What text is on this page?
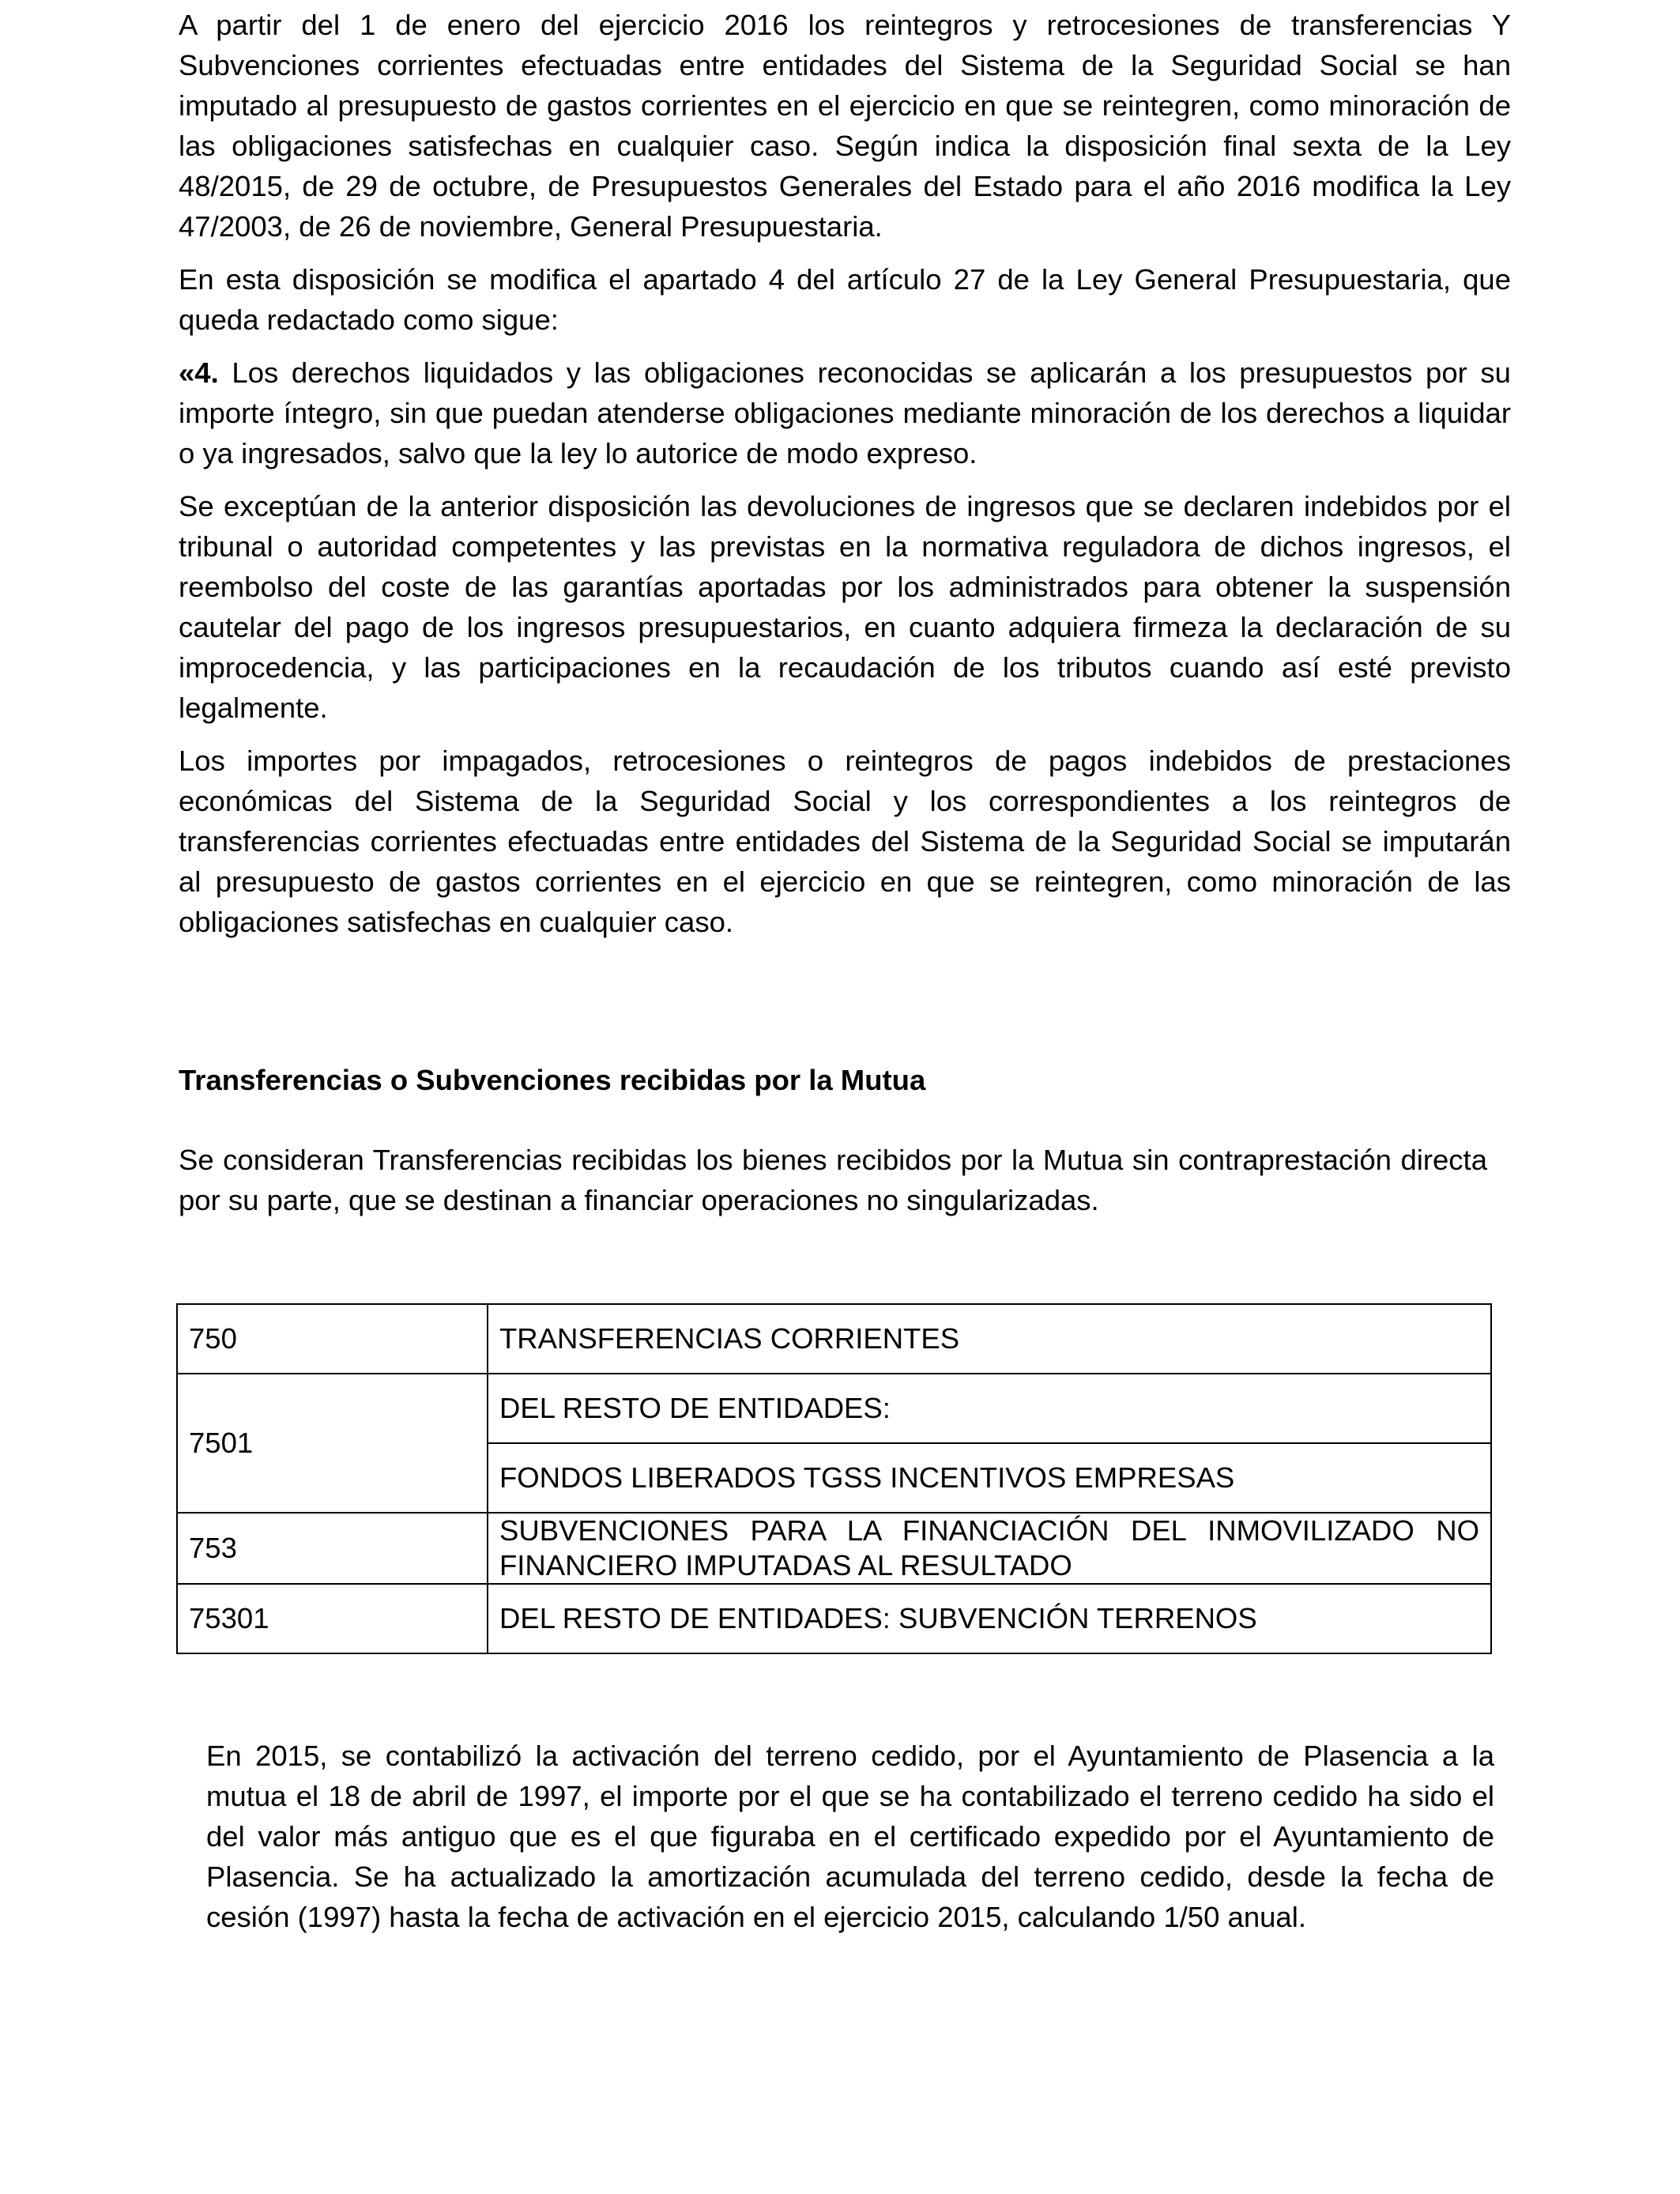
A partir del 1 de enero del ejercicio 2016 los reintegros y retrocesiones de transferencias Y Subvenciones corrientes efectuadas entre entidades del Sistema de la Seguridad Social se han imputado al presupuesto de gastos corrientes en el ejercicio en que se reintegren, como minoración de las obligaciones satisfechas en cualquier caso. Según indica la disposición final sexta de la Ley 48/2015, de 29 de octubre, de Presupuestos Generales del Estado para el año 2016 modifica la Ley 47/2003, de 26 de noviembre, General Presupuestaria.

En esta disposición se modifica el apartado 4 del artículo 27 de la Ley General Presupuestaria, que queda redactado como sigue:

«4. Los derechos liquidados y las obligaciones reconocidas se aplicarán a los presupuestos por su importe íntegro, sin que puedan atenderse obligaciones mediante minoración de los derechos a liquidar o ya ingresados, salvo que la ley lo autorice de modo expreso.

Se exceptúan de la anterior disposición las devoluciones de ingresos que se declaren indebidos por el tribunal o autoridad competentes y las previstas en la normativa reguladora de dichos ingresos, el reembolso del coste de las garantías aportadas por los administrados para obtener la suspensión cautelar del pago de los ingresos presupuestarios, en cuanto adquiera firmeza la declaración de su improcedencia, y las participaciones en la recaudación de los tributos cuando así esté previsto legalmente.

Los importes por impagados, retrocesiones o reintegros de pagos indebidos de prestaciones económicas del Sistema de la Seguridad Social y los correspondientes a los reintegros de transferencias corrientes efectuadas entre entidades del Sistema de la Seguridad Social se imputarán al presupuesto de gastos corrientes en el ejercicio en que se reintegren, como minoración de las obligaciones satisfechas en cualquier caso.

Transferencias o Subvenciones recibidas por la Mutua

Se consideran Transferencias recibidas los bienes recibidos por la Mutua sin contraprestación directa por su parte, que se destinan a financiar operaciones no singularizadas.

750	TRANSFERENCIAS CORRIENTES
7501	DEL RESTO DE ENTIDADES:
	FONDOS LIBERADOS TGSS INCENTIVOS EMPRESAS
753	SUBVENCIONES PARA LA FINANCIACIÓN DEL INMOVILIZADO NO FINANCIERO IMPUTADAS AL RESULTADO
75301	DEL RESTO DE ENTIDADES: SUBVENCIÓN TERRENOS

En 2015, se contabilizó la activación del terreno cedido, por el Ayuntamiento de Plasencia a la mutua el 18 de abril de 1997, el importe por el que se ha contabilizado el terreno cedido ha sido el del valor más antiguo que es el que figuraba en el certificado expedido por el Ayuntamiento de Plasencia. Se ha actualizado la amortización acumulada del terreno cedido, desde la fecha de cesión (1997) hasta la fecha de activación en el ejercicio 2015, calculando 1/50 anual.
